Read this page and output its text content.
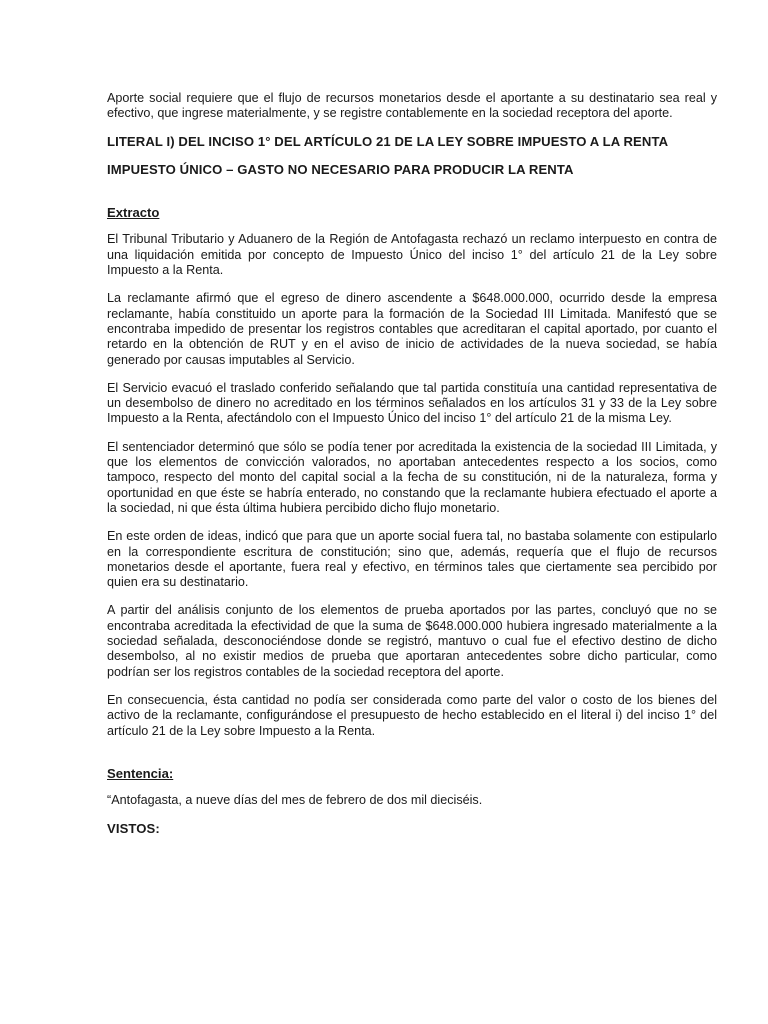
Aporte social requiere que el flujo de recursos monetarios desde el aportante a su destinatario sea real y efectivo, que ingrese materialmente, y se registre contablemente en la sociedad receptora del aporte.

LITERAL I) DEL INCISO 1° DEL ARTÍCULO 21 DE LA LEY SOBRE IMPUESTO A LA RENTA

IMPUESTO ÚNICO – GASTO NO NECESARIO PARA PRODUCIR LA RENTA

Extracto

El Tribunal Tributario y Aduanero de la Región de Antofagasta rechazó un reclamo interpuesto en contra de una liquidación emitida por concepto de Impuesto Único del inciso 1° del artículo 21 de la Ley sobre Impuesto a la Renta.

La reclamante afirmó que el egreso de dinero ascendente a $648.000.000, ocurrido desde la empresa reclamante, había constituido un aporte para la formación de la Sociedad III Limitada. Manifestó que se encontraba impedido de presentar los registros contables que acreditaran el capital aportado, por cuanto el retardo en la obtención de RUT y en el aviso de inicio de actividades de la nueva sociedad, se había generado por causas imputables al Servicio.

El Servicio evacuó el traslado conferido señalando que tal partida constituía una cantidad representativa de un desembolso de dinero no acreditado en los términos señalados en los artículos 31 y 33 de la Ley sobre Impuesto a la Renta, afectándolo con el Impuesto Único del inciso 1° del artículo 21 de la misma Ley.

El sentenciador determinó que sólo se podía tener por acreditada la existencia de la sociedad III Limitada, y que los elementos de convicción valorados, no aportaban antecedentes respecto a los socios, como tampoco, respecto del monto del capital social a la fecha de su constitución, ni de la naturaleza, forma y oportunidad en que éste se habría enterado, no constando que la reclamante hubiera efectuado el aporte a la sociedad, ni que ésta última hubiera percibido dicho flujo monetario.

En este orden de ideas, indicó que para que un aporte social fuera tal, no bastaba solamente con estipularlo en la correspondiente escritura de constitución; sino que, además, requería que el flujo de recursos monetarios desde el aportante, fuera real y efectivo, en términos tales que ciertamente sea percibido por quien era su destinatario.

A partir del análisis conjunto de los elementos de prueba aportados por las partes, concluyó que no se encontraba acreditada la efectividad de que la suma de $648.000.000 hubiera ingresado materialmente a la sociedad señalada, desconociéndose donde se registró, mantuvo o cual fue el efectivo destino de dicho desembolso, al no existir medios de prueba que aportaran antecedentes sobre dicho particular, como podrían ser los registros contables de la sociedad receptora del aporte.

En consecuencia, ésta cantidad no podía ser considerada como parte del valor o costo de los bienes del activo de la reclamante, configurándose el presupuesto de hecho establecido en el literal i) del inciso 1° del artículo 21 de la Ley sobre Impuesto a la Renta.

Sentencia:

“Antofagasta, a nueve días del mes de febrero de dos mil dieciséis.

VISTOS:
